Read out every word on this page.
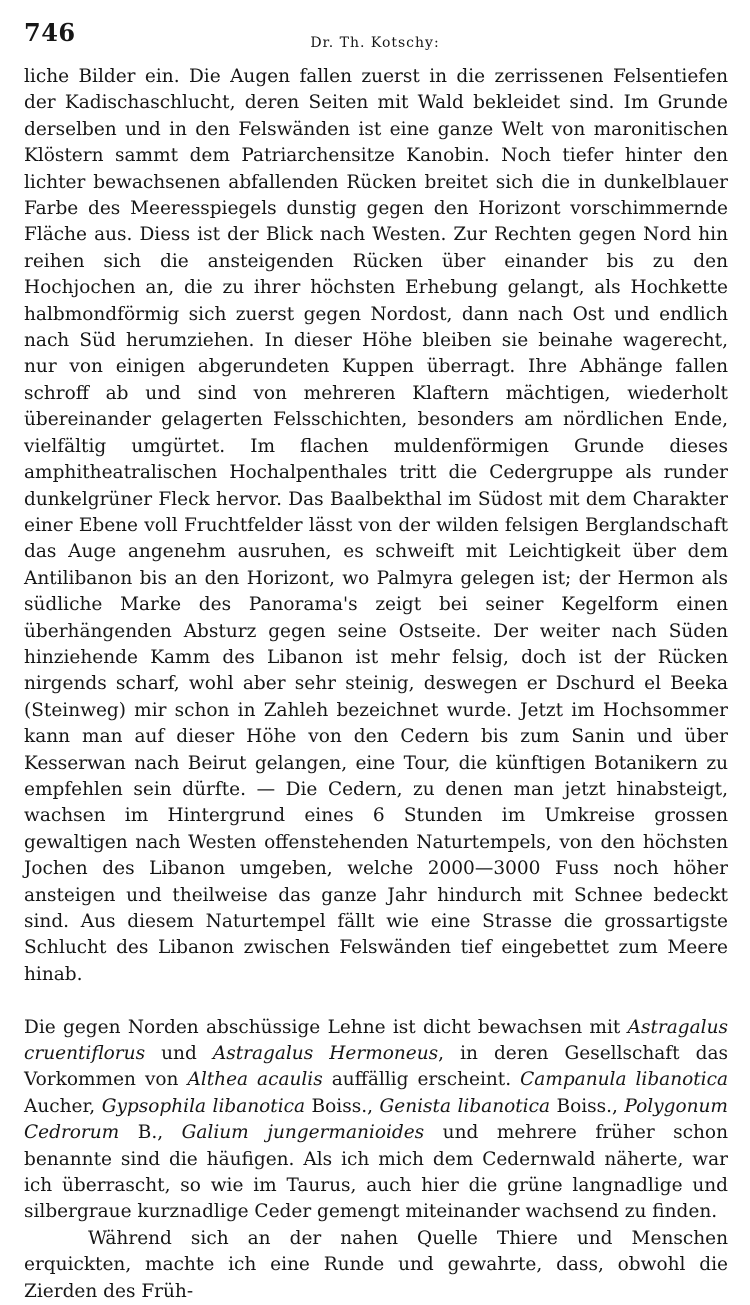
746	Dr. Th. Kotschy:

liche Bilder ein. Die Augen fallen zuerst in die zerrissenen Felsentiefen der Kadischaschlucht, deren Seiten mit Wald bekleidet sind. Im Grunde derselben und in den Felswänden ist eine ganze Welt von maronitischen Klöstern sammt dem Patriarchensitze Kanobin. Noch tiefer hinter den lichter bewachsenen abfallenden Rücken breitet sich die in dunkelblauer Farbe des Meeresspiegels dunstig gegen den Horizont vorschimmernde Fläche aus. Diess ist der Blick nach Westen. Zur Rechten gegen Nord hin reihen sich die ansteigenden Rücken über einander bis zu den Hochjochen an, die zu ihrer höchsten Erhebung gelangt, als Hochkette halbmondförmig sich zuerst gegen Nordost, dann nach Ost und endlich nach Süd herumziehen. In dieser Höhe bleiben sie beinahe wagerecht, nur von einigen abgerundeten Kuppen überragt. Ihre Abhänge fallen schroff ab und sind von mehreren Klaftern mächtigen, wiederholt übereinander gelagerten Felsschichten, besonders am nördlichen Ende, vielfältig umgürtet. Im flachen muldenförmigen Grunde dieses amphitheatralischen Hochalpenthales tritt die Cedergruppe als runder dunkelgrüner Fleck hervor. Das Baalbekthal im Südost mit dem Charakter einer Ebene voll Fruchtfelder lässt von der wilden felsigen Berglandschaft das Auge angenehm ausruhen, es schweift mit Leichtigkeit über dem Antilibanon bis an den Horizont, wo Palmyra gelegen ist; der Hermon als südliche Marke des Panorama's zeigt bei seiner Kegelform einen überhängenden Absturz gegen seine Ostseite. Der weiter nach Süden hinziehende Kamm des Libanon ist mehr felsig, doch ist der Rücken nirgends scharf, wohl aber sehr steinig, deswegen er Dschurd el Beeka (Steinweg) mir schon in Zahleh bezeichnet wurde. Jetzt im Hochsommer kann man auf dieser Höhe von den Cedern bis zum Sanin und über Kesserwan nach Beirut gelangen, eine Tour, die künftigen Botanikern zu empfehlen sein dürfte. — Die Cedern, zu denen man jetzt hinabsteigt, wachsen im Hintergrund eines 6 Stunden im Umkreise grossen gewaltigen nach Westen offenstehenden Naturtempels, von den höchsten Jochen des Libanon umgeben, welche 2000—3000 Fuss noch höher ansteigen und theilweise das ganze Jahr hindurch mit Schnee bedeckt sind. Aus diesem Naturtempel fällt wie eine Strasse die grossartigste Schlucht des Libanon zwischen Felswänden tief eingebettet zum Meere hinab.

Die gegen Norden abschüssige Lehne ist dicht bewachsen mit Astragalus cruentiflorus und Astragalus Hermoneus, in deren Gesellschaft das Vorkommen von Althea acaulis auffällig erscheint. Campanula libanotica Aucher, Gypsophila libanotica Boiss., Genista libanotica Boiss., Polygonum Cedrorum B., Galium jungermanioides und mehrere früher schon benannte sind die häufigen. Als ich mich dem Cedernwald näherte, war ich überrascht, so wie im Taurus, auch hier die grüne langnadlige und silbergraue kurznadlige Ceder gemengt miteinander wachsend zu finden.

Während sich an der nahen Quelle Thiere und Menschen erquickten, machte ich eine Runde und gewahrte, dass, obwohl die Zierden des Früh-
